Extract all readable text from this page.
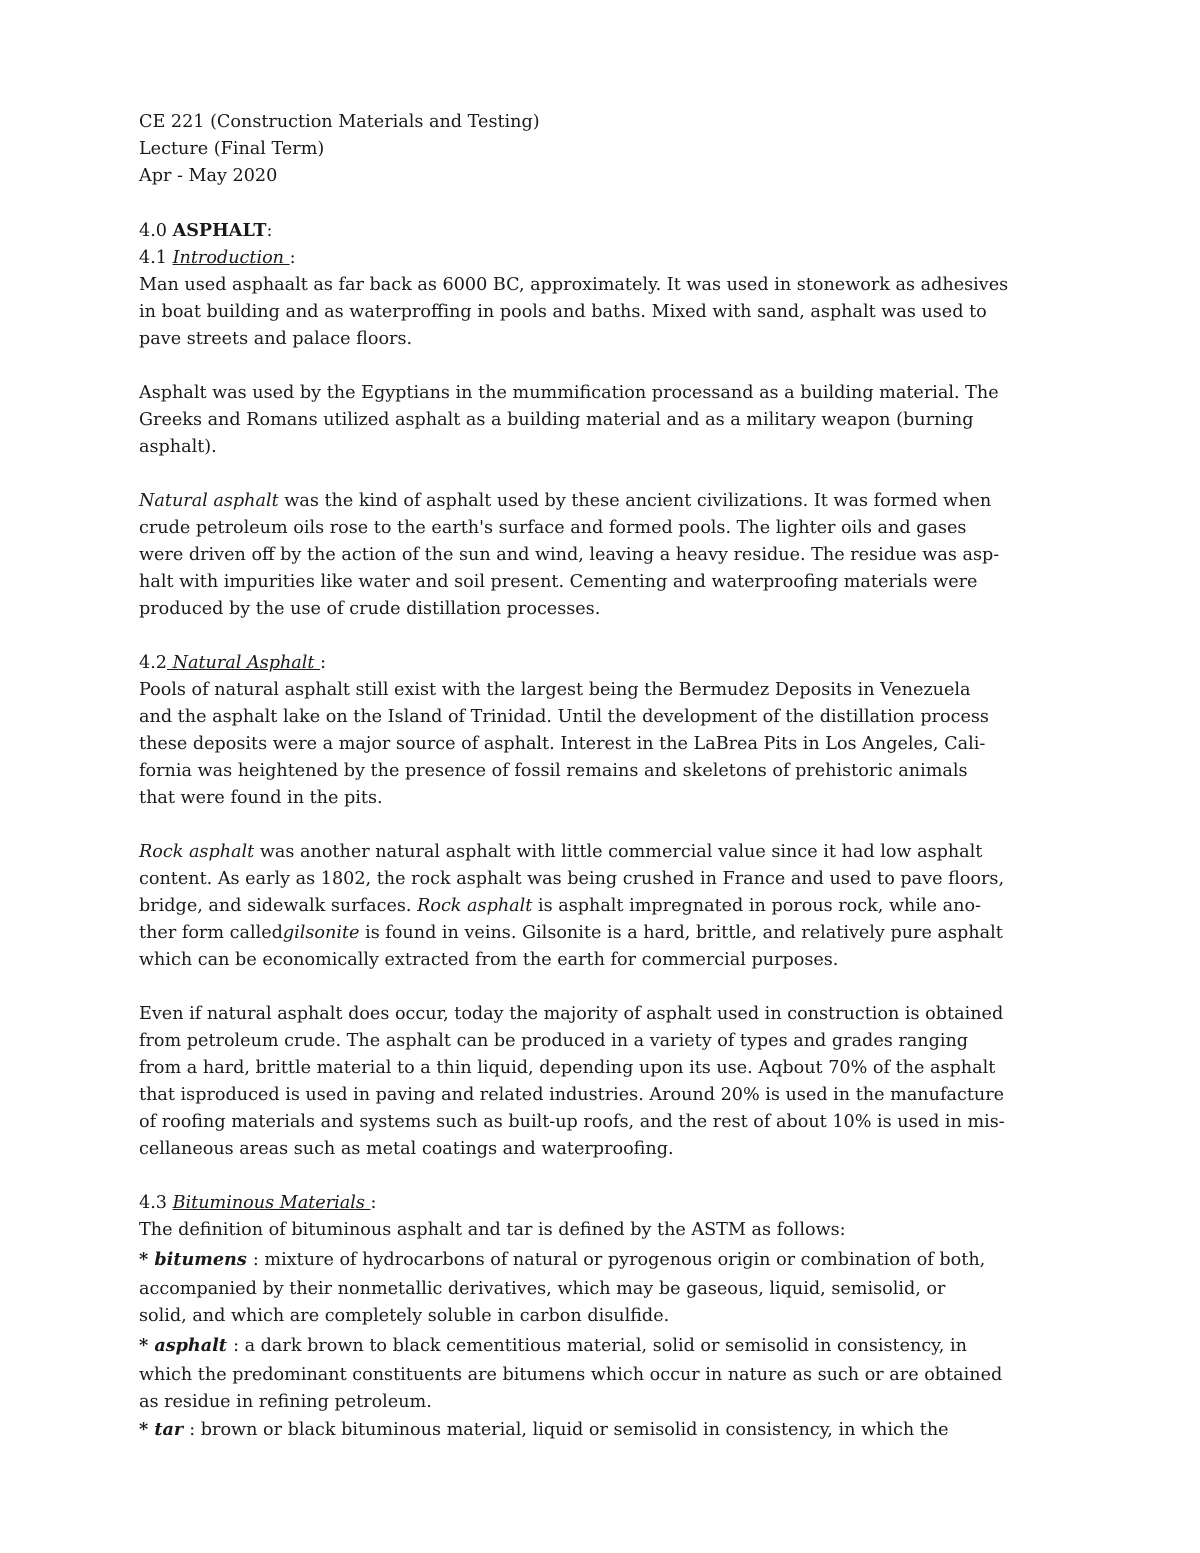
CE 221 (Construction Materials and Testing)
Lecture (Final Term)
Apr - May 2020
4.0 ASPHALT:
4.1 Introduction :
Man used asphaalt as far back as 6000 BC, approximately. It was used in stonework as adhesives
in boat building and as waterproffing in pools and baths. Mixed with sand, asphalt was used to
pave streets and palace floors.
Asphalt was used by the Egyptians in the mummification processand as a building material. The
Greeks and Romans utilized asphalt as a building material and as a military weapon (burning
asphalt).
Natural asphalt was the kind of asphalt used by these ancient civilizations. It was formed when
crude petroleum oils rose to the earth's surface and formed pools. The lighter oils and gases
were driven off by the action of the sun and wind, leaving a heavy residue. The residue was asp-
halt with impurities like water and soil present. Cementing and waterproofing materials were
produced by the use of crude distillation processes.
4.2 Natural Asphalt :
Pools of natural asphalt still exist with the largest being the Bermudez Deposits in Venezuela
and the asphalt lake on the Island of Trinidad. Until the development of the distillation process
these deposits were a major source of asphalt. Interest in the LaBrea Pits in Los Angeles, Cali-
fornia was heightened by the presence of fossil remains and skeletons of prehistoric animals
that were found in the pits.
Rock asphalt was another natural asphalt with little commercial value since it had low asphalt
content. As early as 1802, the rock asphalt was being crushed in France and used to pave floors,
bridge, and sidewalk surfaces. Rock asphalt is asphalt impregnated in porous rock, while ano-
ther form calledgilsonite is found in veins. Gilsonite is a hard, brittle, and relatively pure asphalt
which can be economically extracted from the earth for commercial purposes.
Even if natural asphalt does occur, today the majority of asphalt used in construction is obtained
from petroleum crude. The asphalt can be produced in a variety of types and grades ranging
from a hard, brittle material to a thin liquid, depending upon its use. Aqbout 70% of the asphalt
that isproduced is used in paving and related industries. Around 20% is used in the manufacture
of roofing materials and systems such as built-up roofs, and the rest of about 10% is used in mis-
cellaneous areas such as metal coatings and waterproofing.
4.3 Bituminous Materials :
The definition of bituminous asphalt and tar is defined by the ASTM as follows:
* bitumens : mixture of hydrocarbons of natural or pyrogenous origin or combination of both,
accompanied by their nonmetallic derivatives, which may be gaseous, liquid, semisolid, or
solid, and which are completely soluble in carbon disulfide.
* asphalt : a dark brown to black cementitious material, solid or semisolid in consistency, in
which the predominant constituents are bitumens which occur in nature as such or are obtained
as residue in refining petroleum.
* tar : brown or black bituminous material, liquid or semisolid in consistency, in which the
